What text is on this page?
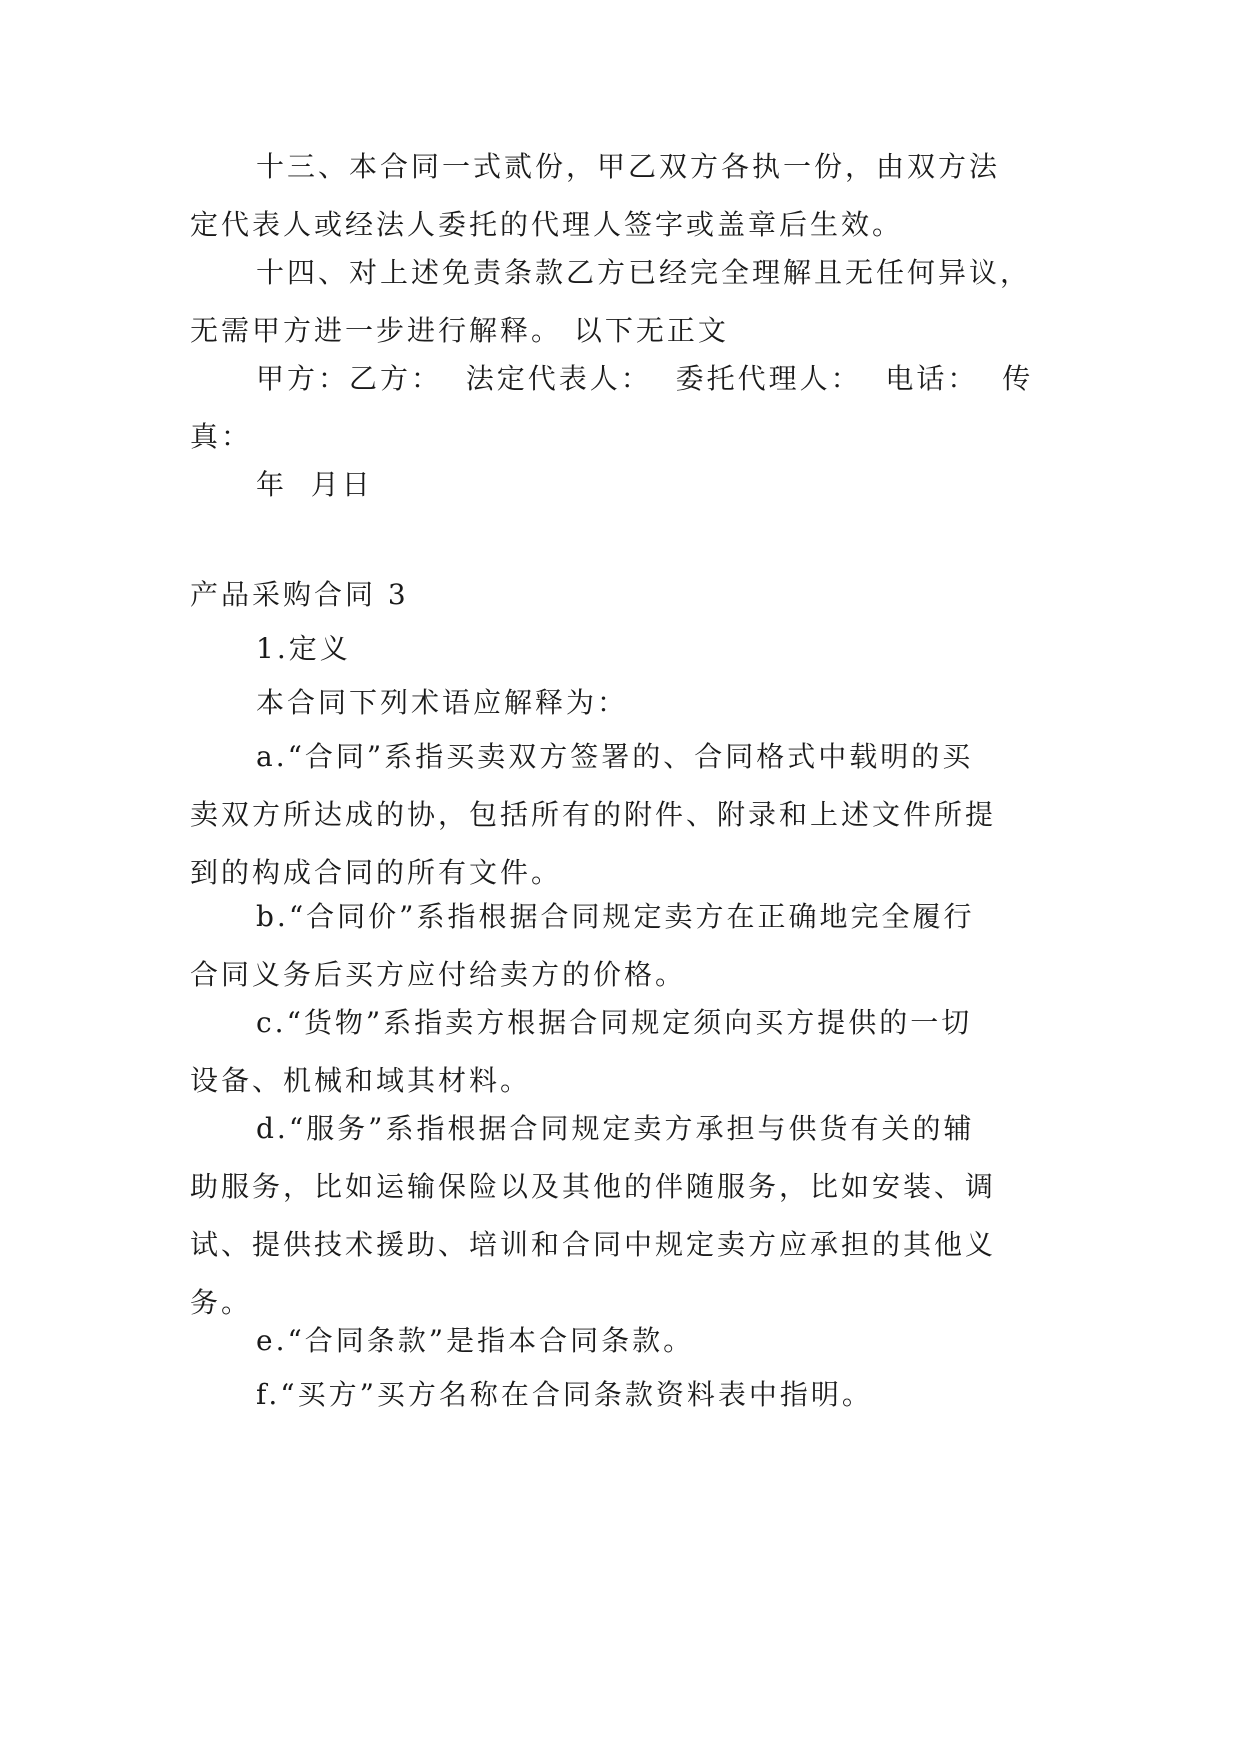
十三、本合同一式贰份，甲乙双方各执一份，由双方法
定代表人或经法人委托的代理人签字或盖章后生效。
十四、对上述免责条款乙方已经完全理解且无任何异议，
无需甲方进一步进行解释。 以下无正文
甲方：乙方：  法定代表人：  委托代理人：  电话：  传
真：
年  月日
产品采购合同 3
1.定义
本合同下列术语应解释为：
a.“合同”系指买卖双方签署的、合同格式中载明的买
卖双方所达成的协，包括所有的附件、附录和上述文件所提
到的构成合同的所有文件。
b.“合同价”系指根据合同规定卖方在正确地完全履行
合同义务后买方应付给卖方的价格。
c.“货物”系指卖方根据合同规定须向买方提供的一切
设备、机械和域其材料。
d.“服务”系指根据合同规定卖方承担与供货有关的辅
助服务，比如运输保险以及其他的伴随服务，比如安装、调
试、提供技术援助、培训和合同中规定卖方应承担的其他义
务。
e.“合同条款”是指本合同条款。
f.“买方”买方名称在合同条款资料表中指明。
